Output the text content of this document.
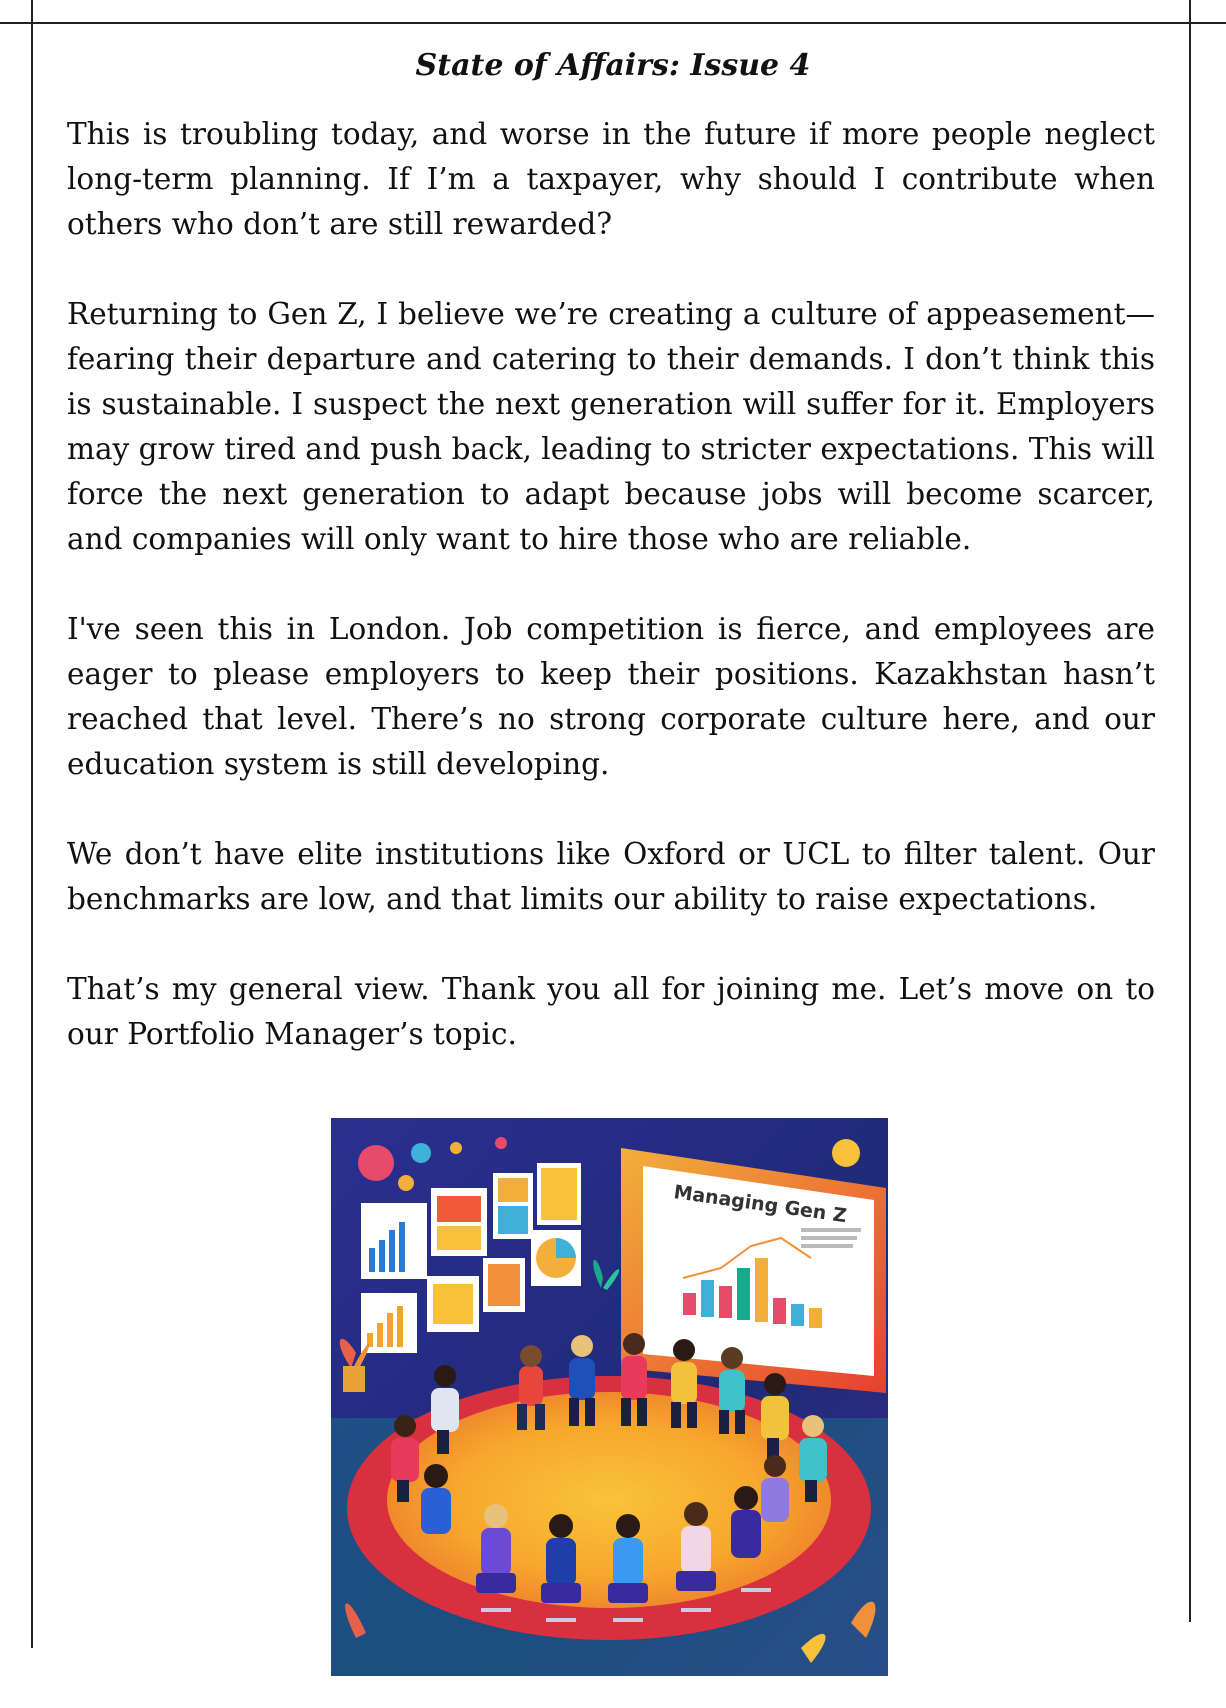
State of Affairs: Issue 4

This is troubling today, and worse in the future if more people neglect long-term planning. If I’m a taxpayer, why should I contribute when others who don’t are still rewarded?

Returning to Gen Z, I believe we’re creating a culture of appeasement—fearing their departure and catering to their demands. I don’t think this is sustainable. I suspect the next generation will suffer for it. Employers may grow tired and push back, leading to stricter expectations. This will force the next generation to adapt because jobs will become scarcer, and companies will only want to hire those who are reliable.

I've seen this in London. Job competition is fierce, and employees are eager to please employers to keep their positions. Kazakhstan hasn’t reached that level. There’s no strong corporate culture here, and our education system is still developing.

We don’t have elite institutions like Oxford or UCL to filter talent. Our benchmarks are low, and that limits our ability to raise expectations.

That’s my general view. Thank you all for joining me. Let’s move on to our Portfolio Manager’s topic.

Managing Gen Z
